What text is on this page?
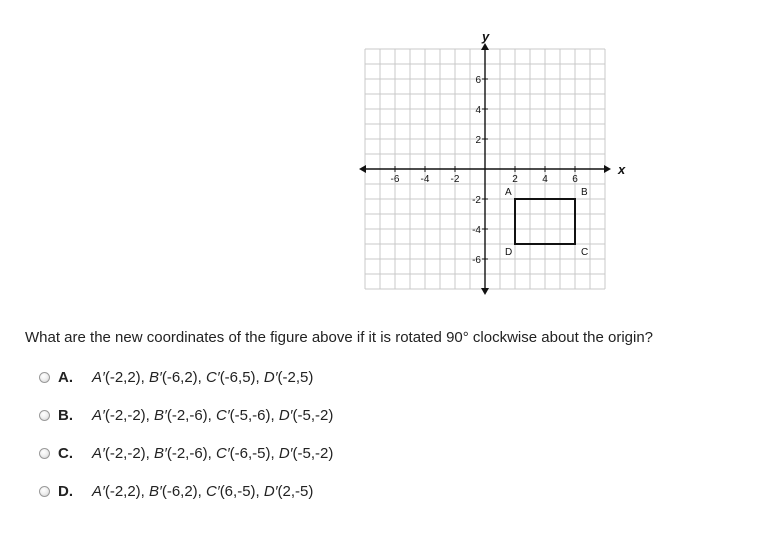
x
y
-6 -4 -2	2 4 6
6
4
2
-2
-4
-6
A	B
C
D
What are the new coordinates of the figure above if it is rotated 90° clockwise about the origin?
A.	A′(-2,2), B′(-6,2), C′(-6,5), D′(-2,5)
B.	A′(-2,-2), B′(-2,-6), C′(-5,-6), D′(-5,-2)
C.	A′(-2,-2), B′(-2,-6), C′(-6,-5), D′(-5,-2)
D.	A′(-2,2), B′(-6,2), C′(6,-5), D′(2,-5)
